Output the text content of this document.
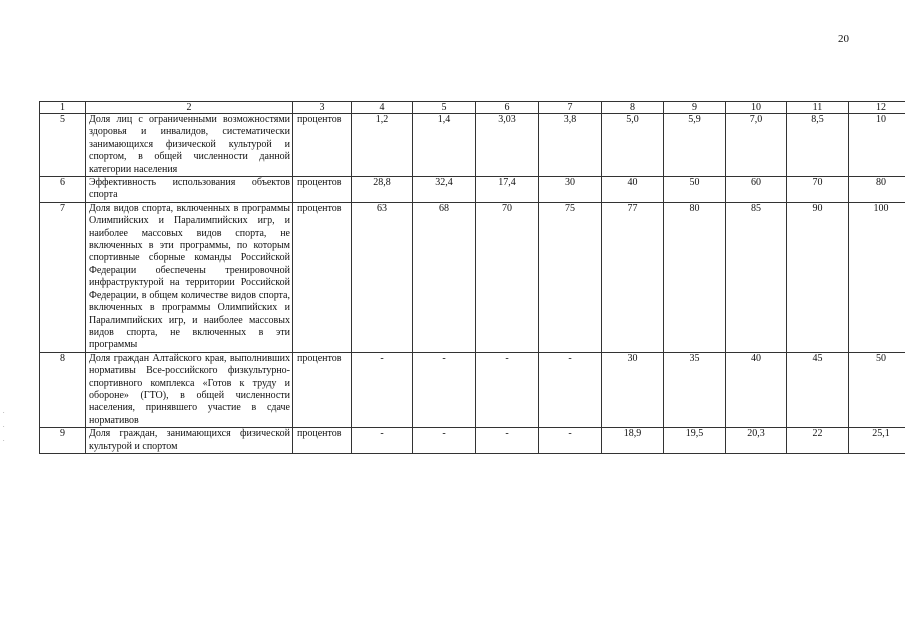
20
.
.
.
1	2	3	4	5	6	7	8	9	10	11	12
5	Доля лиц с ограниченными возможностями здоровья и инвалидов, систематически занимающихся физической культурой и спортом, в общей численности данной категории населения	процентов	1,2	1,4	3,03	3,8	5,0	5,9	7,0	8,5	10
6	Эффективность использования объектов спорта	процентов	28,8	32,4	17,4	30	40	50	60	70	80
7	Доля видов спорта, включенных в программы Олимпийских и Паралимпийских игр, и наиболее массовых видов спорта, не включенных в эти программы, по которым спортивные сборные команды Российской Федерации обеспечены тренировочной инфраструктурой на территории Российской Федерации, в общем количестве видов спорта, включенных в программы Олимпийских и Паралимпийских игр, и наиболее массовых видов спорта, не включенных в эти программы	процентов	63	68	70	75	77	80	85	90	100
8	Доля граждан Алтайского края, выполнивших нормативы Все-российского физкультурно-спортивного комплекса «Готов к труду и обороне» (ГТО), в общей численности населения, принявшего участие в сдаче нормативов	процентов	-	-	-	-	30	35	40	45	50
9	Доля граждан, занимающихся физической культурой и спортом	процентов	-	-	-	-	18,9	19,5	20,3	22	25,1
